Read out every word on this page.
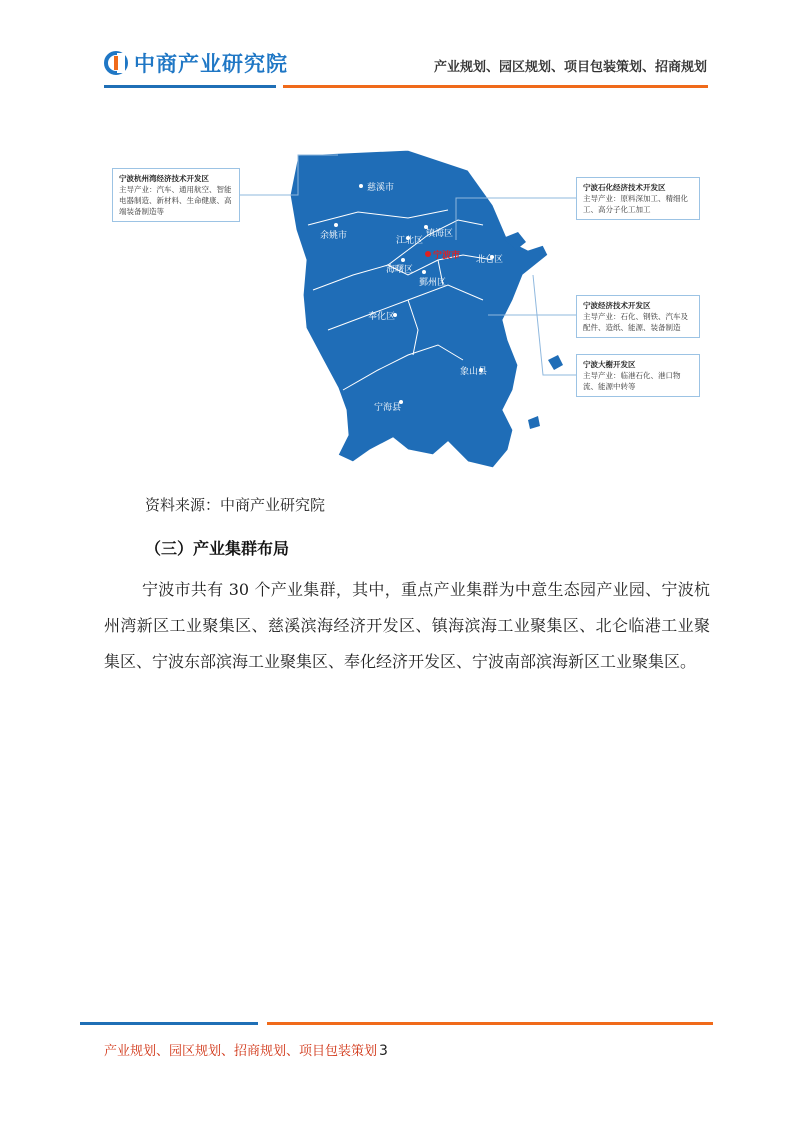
中商产业研究院	产业规划、园区规划、项目包装策划、招商规划
慈溪市
余姚市	江北区
镇海区
海曙区
宁波市
鄞州区
北仑区
奉化区
象山县
宁海县
宁波杭州湾经济技术开发区
主导产业：汽车、通用航空、智能电器制造、新材料、生命健康、高端装备制造等
宁波石化经济技术开发区
主导产业：原料深加工、精细化工、高分子化工加工
宁波经济技术开发区
主导产业：石化、钢铁、汽车及配件、造纸、能源、装备制造
宁波大榭开发区
主导产业：临港石化、港口物流、能源中转等
资料来源：中商产业研究院
（三）产业集群布局
宁波市共有 30 个产业集群，其中，重点产业集群为中意生态园产业园、宁波杭州湾新区工业聚集区、慈溪滨海经济开发区、镇海滨海工业聚集区、北仑临港工业聚集区、宁波东部滨海工业聚集区、奉化经济开发区、宁波南部滨海新区工业聚集区。
产业规划、园区规划、招商规划、项目包装策划 3
